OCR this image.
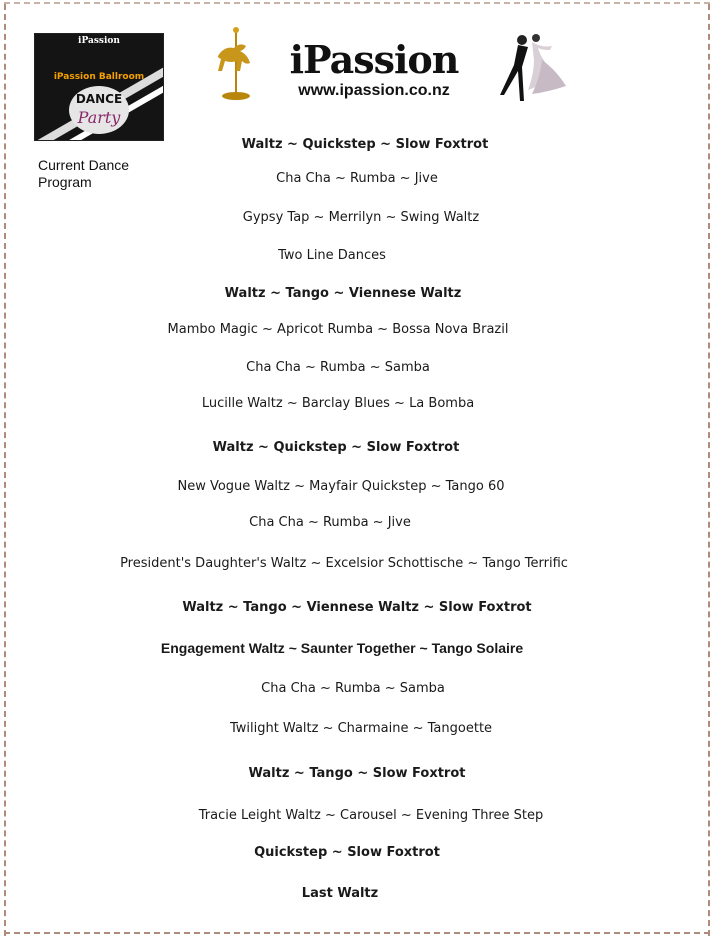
iPassion
iPassion Ballroom
DANCE
Party
Current Dance Program
iPassion
www.ipassion.co.nz
Waltz ~ Quickstep ~ Slow Foxtrot
Cha Cha ~ Rumba ~ Jive
Gypsy Tap ~ Merrilyn ~ Swing Waltz
Two Line Dances
Waltz ~ Tango ~ Viennese Waltz
Mambo Magic ~ Apricot Rumba ~ Bossa Nova Brazil
Cha Cha ~ Rumba ~ Samba
Lucille Waltz ~ Barclay Blues ~ La Bomba
Waltz ~ Quickstep ~ Slow Foxtrot
New Vogue Waltz ~ Mayfair Quickstep ~ Tango 60
Cha Cha ~ Rumba ~ Jive
President's Daughter's Waltz ~ Excelsior Schottische ~ Tango Terrific
Waltz ~ Tango ~ Viennese Waltz ~ Slow Foxtrot
Engagement Waltz ~ Saunter Together ~ Tango Solaire
Cha Cha ~ Rumba ~ Samba
Twilight Waltz ~ Charmaine ~ Tangoette
Waltz ~ Tango ~ Slow Foxtrot
Tracie Leight Waltz ~ Carousel ~ Evening Three Step
Quickstep ~ Slow Foxtrot
Last Waltz
